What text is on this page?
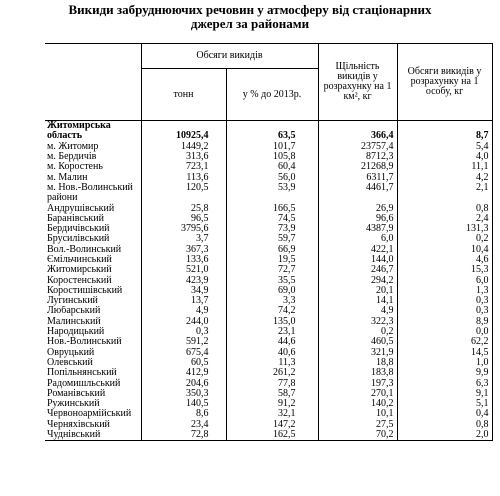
Викиди забруднюючих речовин у атмосферу від стаціонарних
джерел за районами
	Обсяги викидів		Щільність викидів у розрахунку на 1 км², кг	Обсяги викидів у розрахунку на 1 особу, кг
	тонн	у % до 2013р.		
Житомирська				
область	10925,4	63,5	366,4	8,7
м. Житомир	1449,2	101,7	23757,4	5,4
м. Бердичів	313,6	105,8	8712,3	4,0
м. Коростень	723,1	60,4	21268,9	11,1
м. Малин	113,6	56,0	6311,7	4,2
м. Нов.-Волинський	120,5	53,9	4461,7	2,1
райони				
Андрушівський	25,8	166,5	26,9	0,8
Баранівський	96,5	74,5	96,6	2,4
Бердичівський	3795,6	73,9	4387,9	131,3
Брусилівський	3,7	59,7	6,0	0,2
Вол.-Волинський	367,3	66,9	422,1	10,4
Ємільчинський	133,6	19,5	144,0	4,6
Житомирський	521,0	72,7	246,7	15,3
Коростенський	423,9	35,5	294,2	6,0
Коростишівський	34,9	69,0	20,1	1,3
Лугинський	13,7	3,3	14,1	0,3
Любарський	4,9	74,2	4,9	0,3
Малинський	244,0	135,0	322,3	8,9
Народицький	0,3	23,1	0,2	0,0
Нов.-Волинський	591,2	44,6	460,5	62,2
Овруцький	675,4	40,6	321,9	14,5
Олевський	60,5	11,3	18,8	1,0
Попільнянський	412,9	261,2	183,8	9,9
Радомишльський	204,6	77,8	197,3	6,3
Романівський	350,3	58,7	270,1	9,1
Ружинський	140,5	91,2	140,2	5,1
Червоноармійський	8,6	32,1	10,1	0,4
Черняхівський	23,4	147,2	27,5	0,8
Чуднівський	72,8	162,5	70,2	2,0
